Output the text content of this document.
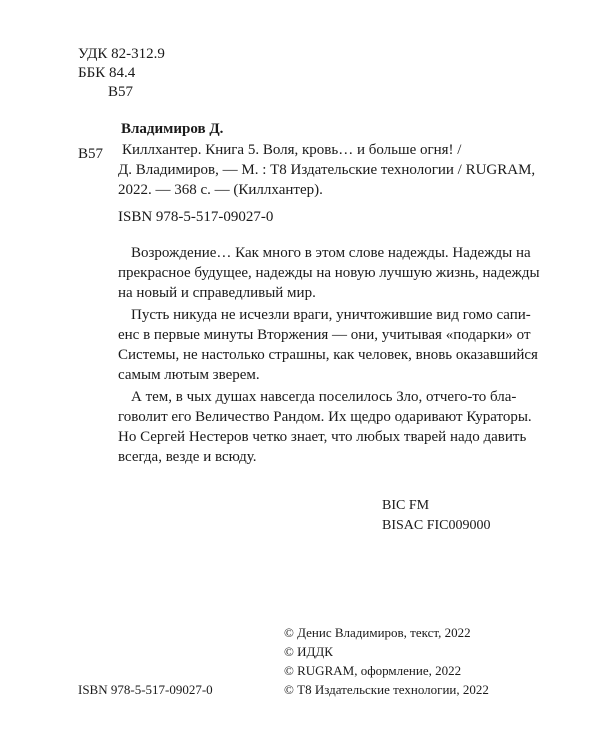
УДК 82-312.9
ББК 84.4
В57
Владимиров Д.
В57 Киллхантер. Книга 5. Воля, кровь… и больше огня! /
Д. Владимиров, — М. : Т8 Издательские технологии / RUGRAM,
2022. — 368 с. — (Киллхантер).
ISBN 978-5-517-09027-0
Возрождение… Как много в этом слове надежды. Надежды на
прекрасное будущее, надежды на новую лучшую жизнь, надежды
на новый и справедливый мир.
Пусть никуда не исчезли враги, уничтожившие вид гомо сапи-
енс в первые минуты Вторжения — они, учитывая «подарки» от
Системы, не настолько страшны, как человек, вновь оказавшийся
самым лютым зверем.
А тем, в чых душах навсегда поселилось Зло, отчего-то бла-
говолит его Величество Рандом. Их щедро одаривают Кураторы.
Но Сергей Нестеров четко знает, что любых тварей надо давить
всегда, везде и всюду.
BIC FM
BISAC FIC009000
© Денис Владимиров, текст, 2022
© ИДДК
© RUGRAM, оформление, 2022
© Т8 Издательские технологии, 2022
ISBN 978-5-517-09027-0
